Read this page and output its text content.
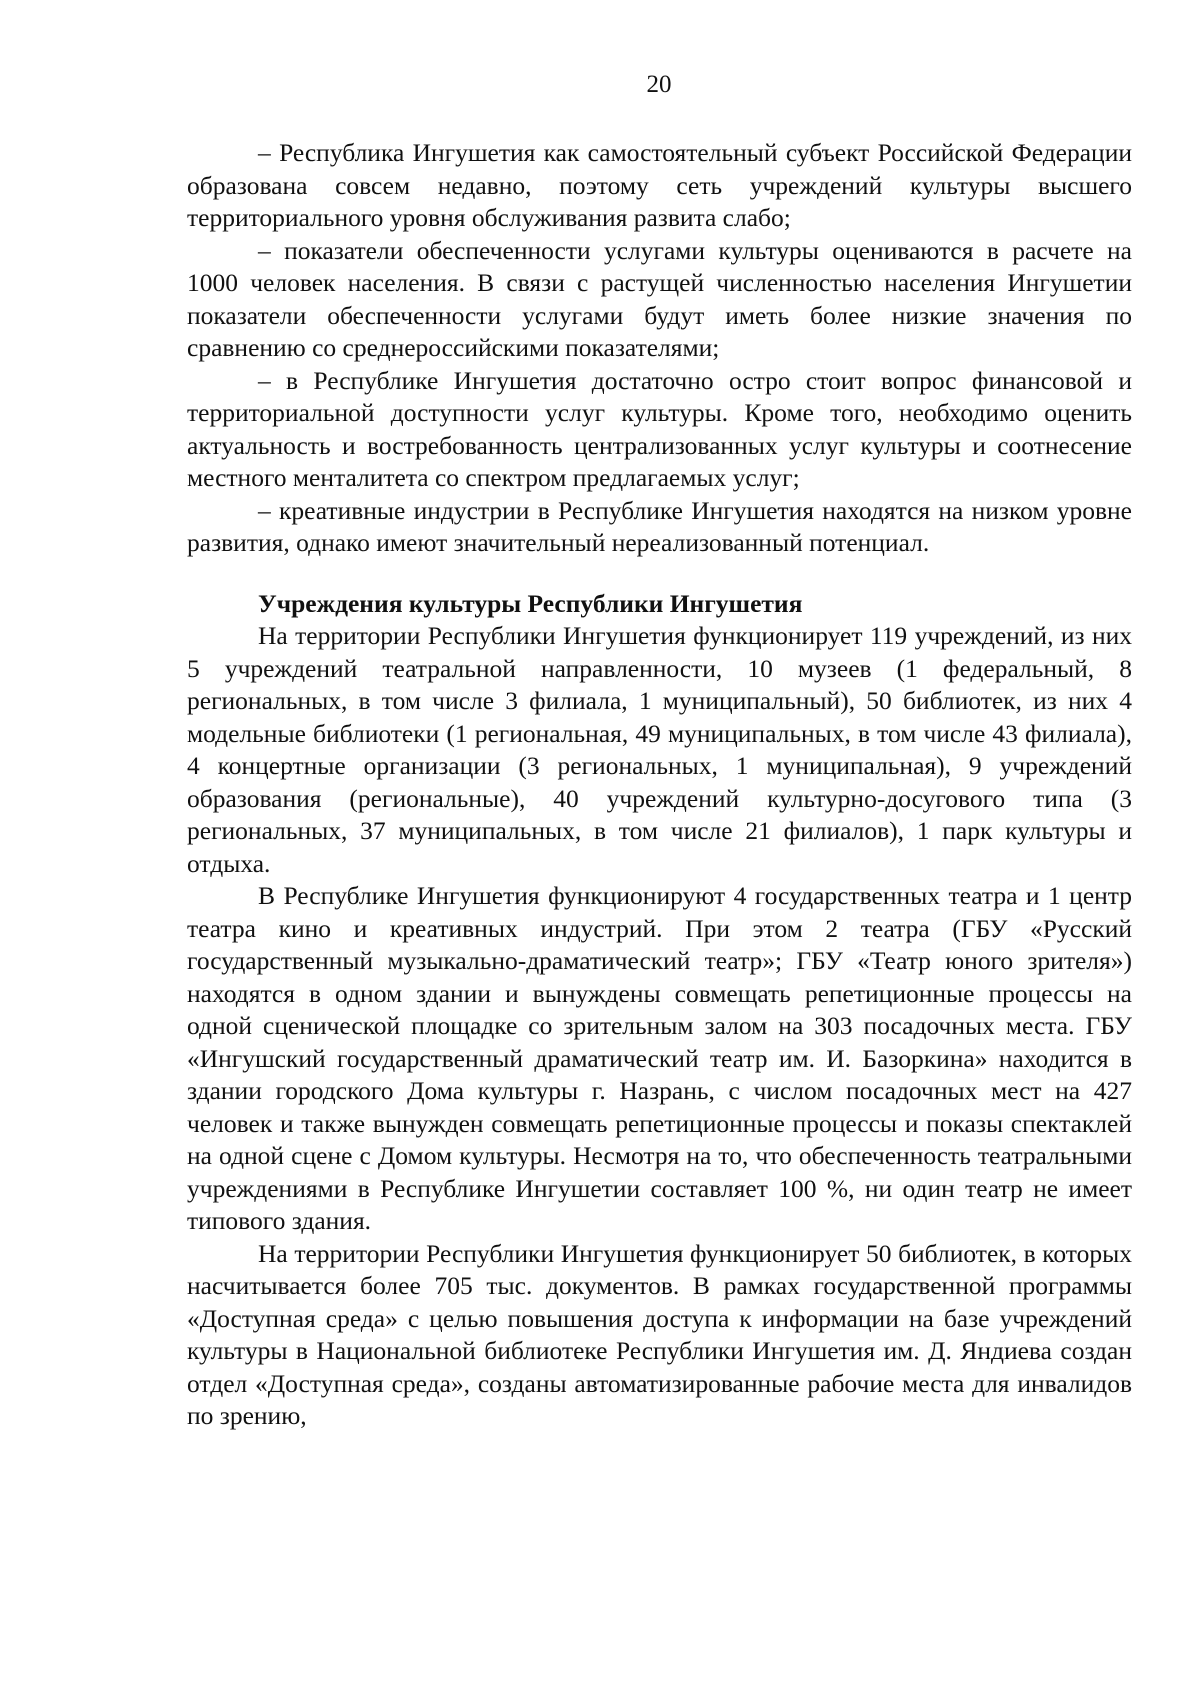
20

– Республика Ингушетия как самостоятельный субъект Российской Федерации образована совсем недавно, поэтому сеть учреждений культуры высшего территориального уровня обслуживания развита слабо;

– показатели обеспеченности услугами культуры оцениваются в расчете на 1000 человек населения. В связи с растущей численностью населения Ингушетии показатели обеспеченности услугами будут иметь более низкие значения по сравнению со среднероссийскими показателями;

– в Республике Ингушетия достаточно остро стоит вопрос финансовой и территориальной доступности услуг культуры. Кроме того, необходимо оценить актуальность и востребованность централизованных услуг культуры и соотнесение местного менталитета со спектром предлагаемых услуг;

– креативные индустрии в Республике Ингушетия находятся на низком уровне развития, однако имеют значительный нереализованный потенциал.

Учреждения культуры Республики Ингушетия

На территории Республики Ингушетия функционирует 119 учреждений, из них 5 учреждений театральной направленности, 10 музеев (1 федеральный, 8 региональных, в том числе 3 филиала, 1 муниципальный), 50 библиотек, из них 4 модельные библиотеки (1 региональная, 49 муниципальных, в том числе 43 филиала), 4 концертные организации (3 региональных, 1 муниципальная), 9 учреждений образования (региональные), 40 учреждений культурно-досугового типа (3 региональных, 37 муниципальных, в том числе 21 филиалов), 1 парк культуры и отдыха.

В Республике Ингушетия функционируют 4 государственных театра и 1 центр театра кино и креативных индустрий. При этом 2 театра (ГБУ «Русский государственный музыкально-драматический театр»; ГБУ «Театр юного зрителя») находятся в одном здании и вынуждены совмещать репетиционные процессы на одной сценической площадке со зрительным залом на 303 посадочных места. ГБУ «Ингушский государственный драматический театр им. И. Базоркина» находится в здании городского Дома культуры г. Назрань, с числом посадочных мест на 427 человек и также вынужден совмещать репетиционные процессы и показы спектаклей на одной сцене с Домом культуры. Несмотря на то, что обеспеченность театральными учреждениями в Республике Ингушетии составляет 100 %, ни один театр не имеет типового здания.

На территории Республики Ингушетия функционирует 50 библиотек, в которых насчитывается более 705 тыс. документов. В рамках государственной программы «Доступная среда» с целью повышения доступа к информации на базе учреждений культуры в Национальной библиотеке Республики Ингушетия им. Д. Яндиева создан отдел «Доступная среда», созданы автоматизированные рабочие места для инвалидов по зрению,
